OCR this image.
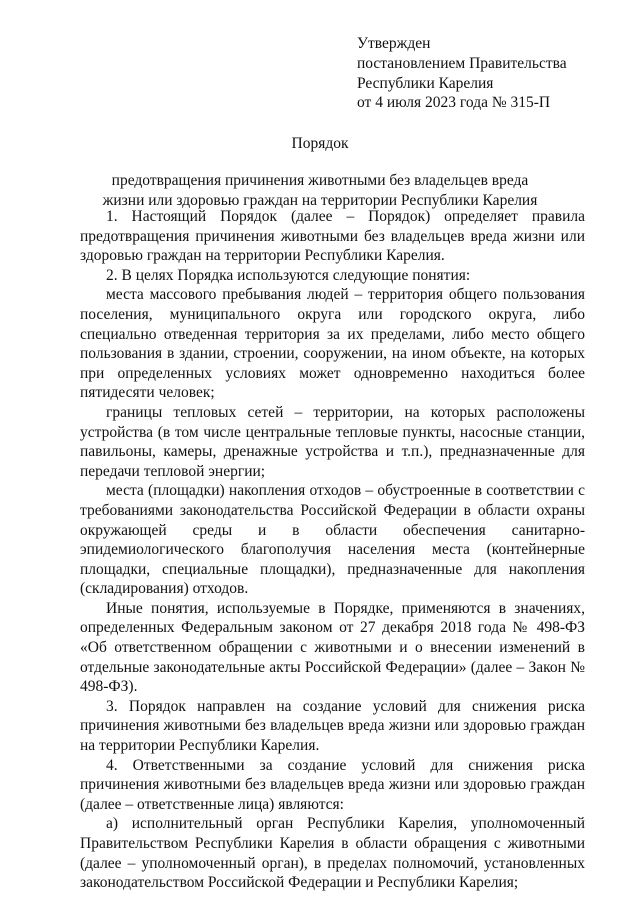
Утвержден
постановлением Правительства
Республики Карелия
от 4 июля 2023 года № 315-П
Порядок
предотвращения причинения животными без владельцев вреда
жизни или здоровью граждан на территории Республики Карелия

1. Настоящий Порядок (далее – Порядок) определяет правила предотвращения причинения животными без владельцев вреда жизни или здоровью граждан на территории Республики Карелия.

2. В целях Порядка используются следующие понятия:

места массового пребывания людей – территория общего пользования поселения, муниципального округа или городского округа, либо специально отведенная территория за их пределами, либо место общего пользования в здании, строении, сооружении, на ином объекте, на которых при определенных условиях может одновременно находиться более пятидесяти человек;

границы тепловых сетей – территории, на которых расположены устройства (в том числе центральные тепловые пункты, насосные станции, павильоны, камеры, дренажные устройства и т.п.), предназначенные для передачи тепловой энергии;

места (площадки) накопления отходов – обустроенные в соответствии с требованиями законодательства Российской Федерации в области охраны окружающей среды и в области обеспечения санитарно-эпидемиологического благополучия населения места (контейнерные площадки, специальные площадки), предназначенные для накопления (складирования) отходов.

Иные понятия, используемые в Порядке, применяются в значениях, определенных Федеральным законом от 27 декабря 2018 года № 498-ФЗ «Об ответственном обращении с животными и о внесении изменений в отдельные законодательные акты Российской Федерации» (далее – Закон № 498-ФЗ).

3. Порядок направлен на создание условий для снижения риска причинения животными без владельцев вреда жизни или здоровью граждан на территории Республики Карелия.

4. Ответственными за создание условий для снижения риска причинения животными без владельцев вреда жизни или здоровью граждан (далее – ответственные лица) являются:

а) исполнительный орган Республики Карелия, уполномоченный Правительством Республики Карелия в области обращения с животными (далее – уполномоченный орган), в пределах полномочий, установленных законодательством Российской Федерации и Республики Карелия;
